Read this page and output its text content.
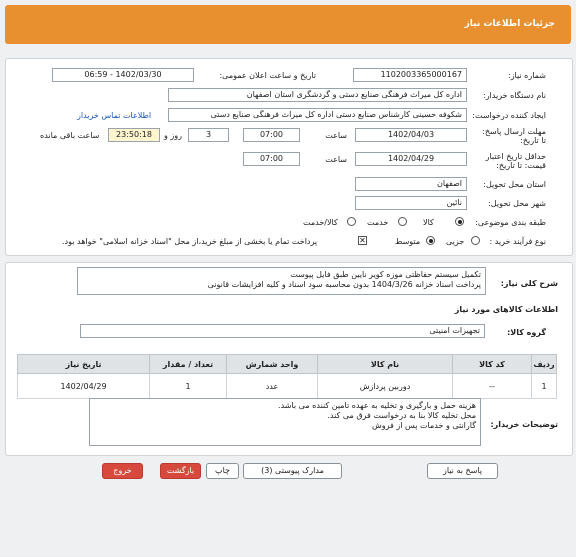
جزئیات اطلاعات نیاز
شماره نیاز:
1102003365000167
تاریخ و ساعت اعلان عمومی:
1402/03/30 - 06:59
نام دستگاه خریدار:
اداره کل میراث فرهنگی صنایع دستی و گردشگری استان اصفهان
ایجاد کننده درخواست:
شکوفه حسینی کارشناس صنایع دستی اداره کل میراث فرهنگی صنایع دستی
اطلاعات تماس خریدار
مهلت ارسال پاسخ: تا تاریخ:
1402/04/03
ساعت
07:00
3
روز و
23:50:18
ساعت باقی مانده
حداقل تاریخ اعتبار قیمت: تا تاریخ:
1402/04/29
ساعت
07:00
استان محل تحویل:
اصفهان
شهر محل تحویل:
نائین
طبقه بندی موضوعی:
کالا
خدمت
کالا/خدمت
نوع فرآیند خرید :
جزیی
متوسط
✕
پرداخت تمام یا بخشی از مبلغ خرید،از محل "اسناد خزانه اسلامی" خواهد بود.
شرح کلی نیاز:
تکمیل سیستم حفاظتی موزه کویر نایین طبق فایل پیوست
پرداخت اسناد خزانه 1404/3/26 بدون محاسبه سود اسناد و کلیه افزایشات قانونی
اطلاعات کالاهای مورد نیاز
گروه کالا:
تجهیزات امنیتی
ردیف	کد کالا	نام کالا	واحد شمارش	تعداد / مقدار	تاریخ نیاز
1	--	دوربین پردازش	عدد	1	1402/04/29
توضیحات خریدار:
هزینه حمل و بارگیری و تخلیه به عهده تامین کننده می باشد.
محل تخلیه کالا بنا به درخواست فرق می کند.
گارانتی و خدمات پس از فروش
پاسخ به نیاز
مدارک پیوستی (3)
چاپ
بازگشت
خروج
